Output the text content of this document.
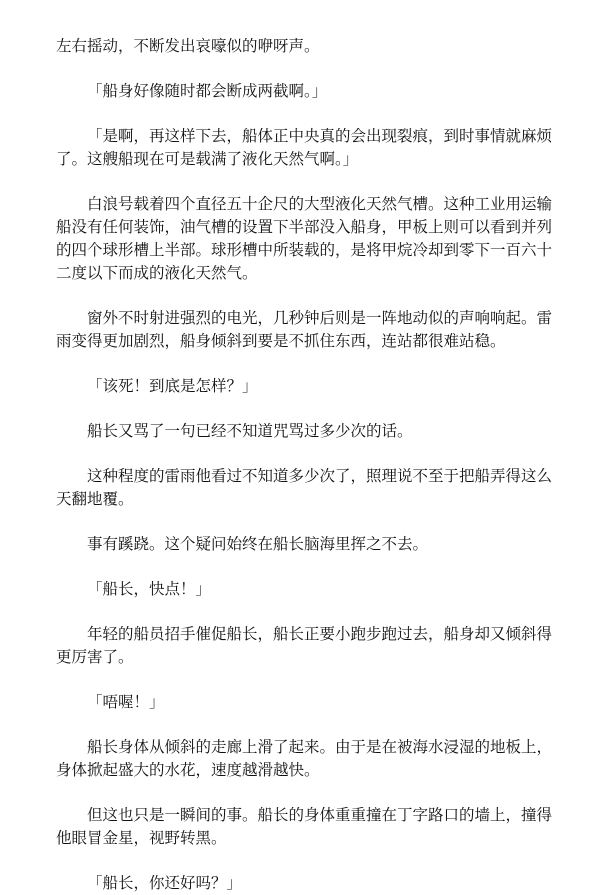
左右摇动，不断发出哀嚎似的咿呀声。

「船身好像随时都会断成两截啊。」

「是啊，再这样下去，船体正中央真的会出现裂痕，到时事情就麻烦了。这艘船现在可是载满了液化天然气啊。」

白浪号载着四个直径五十企尺的大型液化天然气槽。这种工业用运输船没有任何装饰，油气槽的设置下半部没入船身，甲板上则可以看到并列的四个球形槽上半部。球形槽中所装载的，是将甲烷冷却到零下一百六十二度以下而成的液化天然气。

窗外不时射进强烈的电光，几秒钟后则是一阵地动似的声响响起。雷雨变得更加剧烈，船身倾斜到要是不抓住东西，连站都很难站稳。

「该死！到底是怎样？」

船长又骂了一句已经不知道咒骂过多少次的话。

这种程度的雷雨他看过不知道多少次了，照理说不至于把船弄得这么天翻地覆。

事有蹊跷。这个疑问始终在船长脑海里挥之不去。

「船长，快点！」

年轻的船员招手催促船长，船长正要小跑步跑过去，船身却又倾斜得更厉害了。

「唔喔！」

船长身体从倾斜的走廊上滑了起来。由于是在被海水浸湿的地板上，身体掀起盛大的水花，速度越滑越快。

但这也只是一瞬间的事。船长的身体重重撞在丁字路口的墙上，撞得他眼冒金星，视野转黑。

「船长，你还好吗？」
